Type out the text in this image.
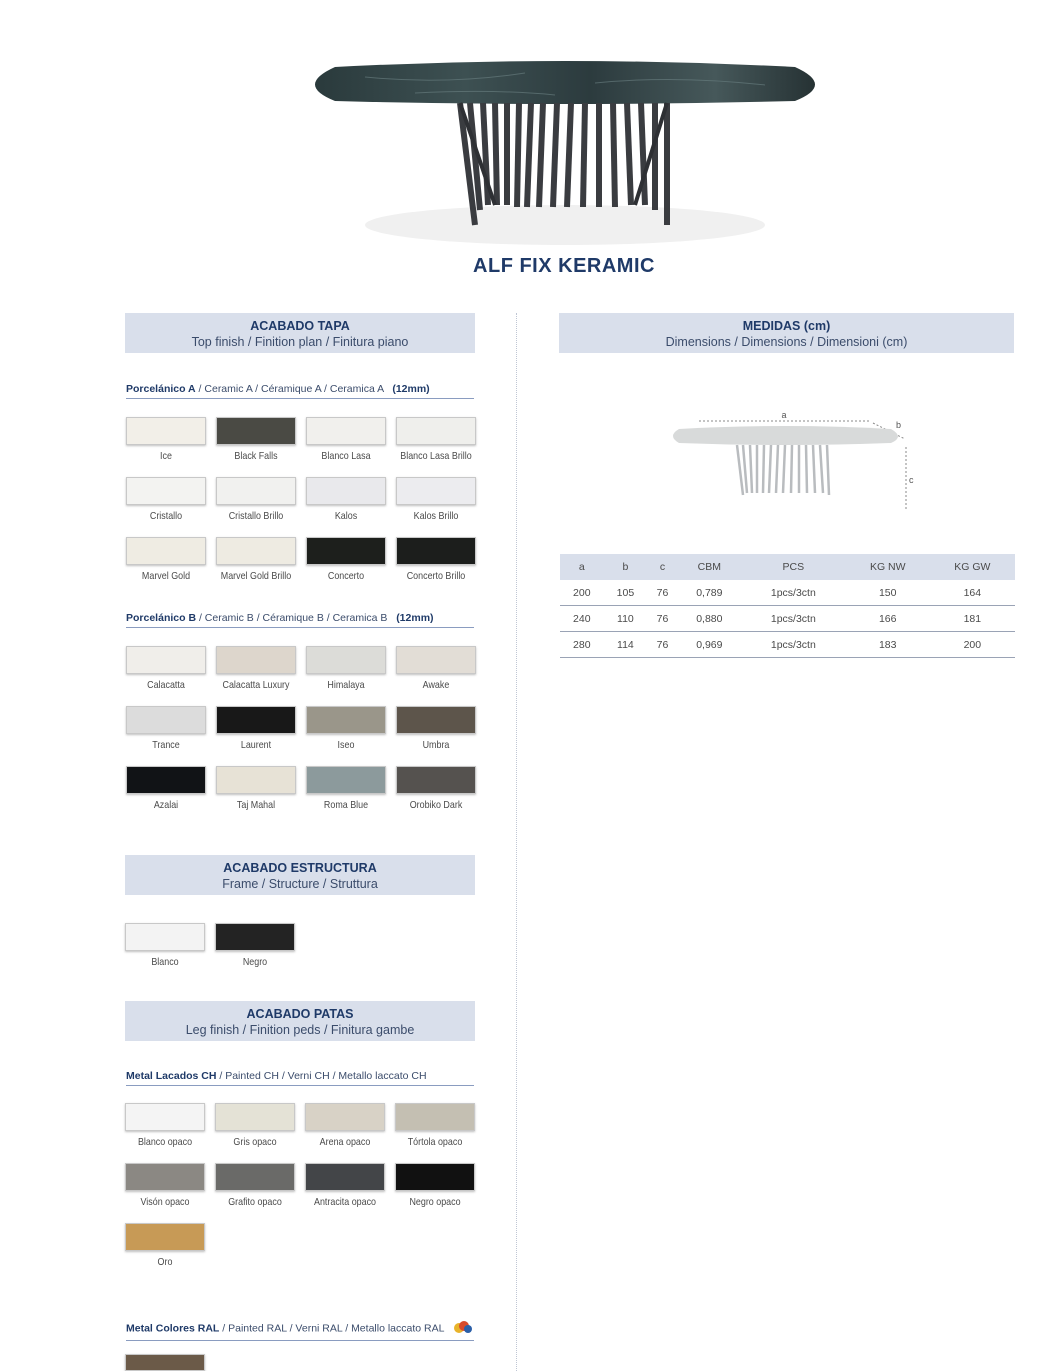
ALF FIX KERAMIC
ACABADO TAPA
Top finish / Finition plan / Finitura piano
Porcelánico A / Ceramic A / Céramique A / Ceramica A (12mm)
Porcelánico B / Ceramic B / Céramique B / Ceramica B (12mm)
ACABADO ESTRUCTURA
Frame / Structure / Struttura
ACABADO PATAS
Leg finish / Finition peds / Finitura gambe
Metal Lacados CH / Painted CH / Verni CH / Metallo laccato CH
Metal Colores RAL / Painted RAL / Verni RAL / Metallo laccato RAL
MEDIDAS (cm)
Dimensions / Dimensions / Dimensioni (cm)
a
b
c
a	b	c	CBM	PCS	KG NW	KG GW
200	105	76	0,789	1pcs/3ctn	150	164
240	110	76	0,880	1pcs/3ctn	166	181
280	114	76	0,969	1pcs/3ctn	183	200
Ice	Black Falls	Blanco Lasa	Blanco Lasa Brillo
Cristallo	Cristallo Brillo	Kalos	Kalos Brillo
Marvel Gold	Marvel Gold Brillo	Concerto	Concerto Brillo
Calacatta	Calacatta Luxury	Himalaya	Awake
Trance	Laurent	Iseo	Umbra
Azalai	Taj Mahal	Roma Blue	Orobiko Dark
Blanco	Negro
Blanco opaco	Gris opaco	Arena opaco	Tórtola opaco
Visón opaco	Grafito opaco	Antracita opaco	Negro opaco
Oro
